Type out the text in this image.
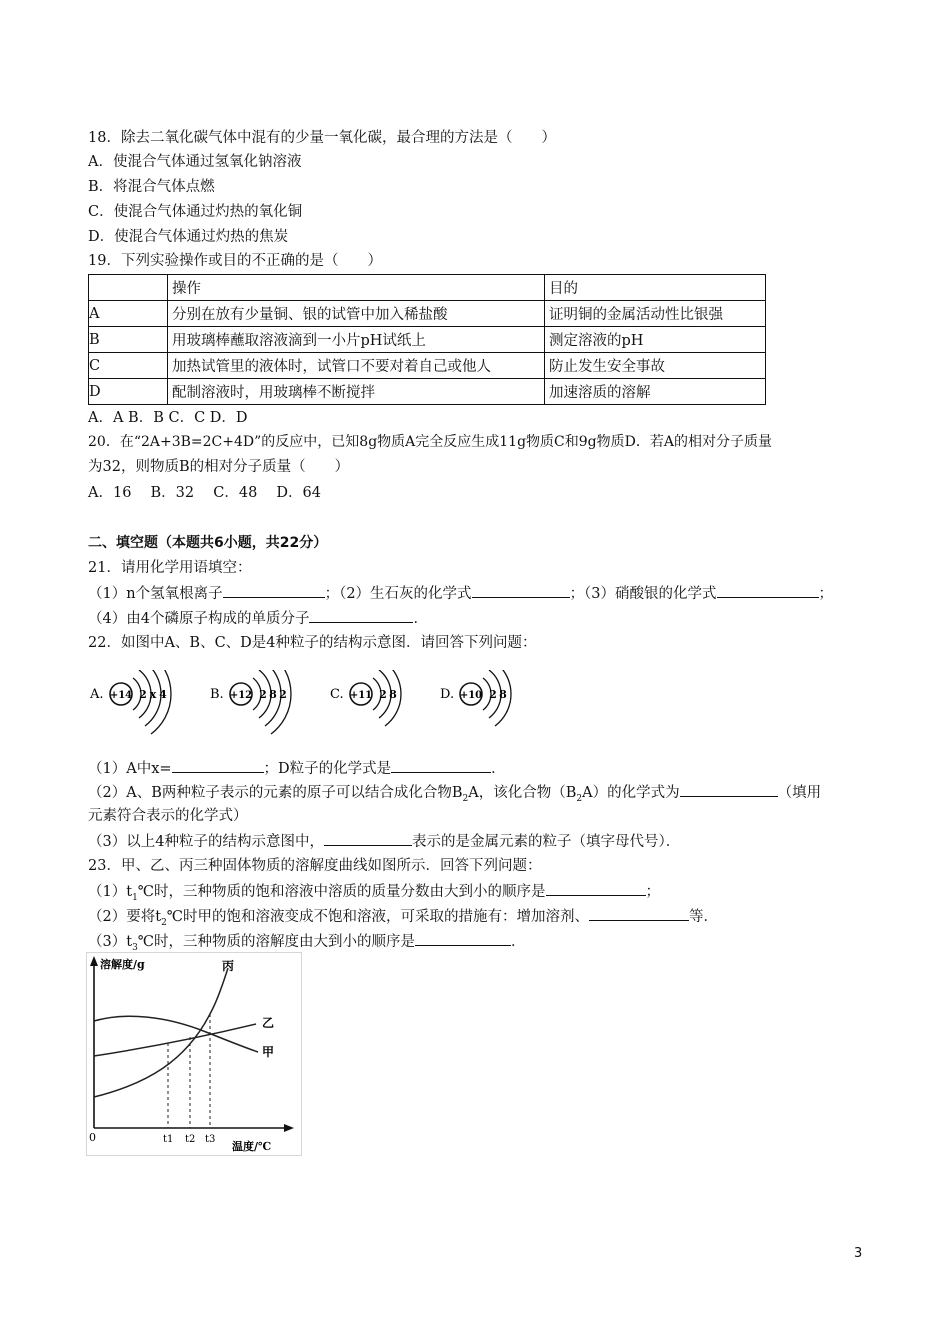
18．除去二氧化碳气体中混有的少量一氧化碳，最合理的方法是（　　）
A．使混合气体通过氢氧化钠溶液
B．将混合气体点燃
C．使混合气体通过灼热的氧化铜
D．使混合气体通过灼热的焦炭
19．下列实验操作或目的不正确的是（　　）
	操作	目的
A	分别在放有少量铜、银的试管中加入稀盐酸	证明铜的金属活动性比银强
B	用玻璃棒蘸取溶液滴到一小片pH试纸上	测定溶液的pH
C	加热试管里的液体时，试管口不要对着自己或他人	防止发生安全事故
D	配制溶液时，用玻璃棒不断搅拌	加速溶质的溶解
A．A B．B C．C D．D
20．在“2A+3B=2C+4D”的反应中，已知8g物质A完全反应生成11g物质C和9g物质D．若A的相对分子质量
为32，则物质B的相对分子质量（　　）
A．16　 B．32　 C．48　 D．64
二、填空题（本题共6小题，共22分）
21．请用化学用语填空：
（1）n个氢氧根离子	；（2）生石灰的化学式	；（3）硝酸银的化学式	；
（4）由4个磷原子构成的单质分子	．
22．如图中A、B、C、D是4种粒子的结构示意图．请回答下列问题：
A. +14 2 x 4	B. +12 2 8 2	C. +11 2 8	D. +10 2 8
（1）A中x=	；D粒子的化学式是	．
（2）A、B两种粒子表示的元素的原子可以结合成化合物$B_2A$，该化合物$(B_2A)$的化学式为	（填用
元素符合表示的化学式）
（3）以上4种粒子的结构示意图中，	表示的是金属元素的粒子（填字母代号）．
23．甲、乙、丙三种固体物质的溶解度曲线如图所示．回答下列问题：
$(1)t_1℃$时，三种物质的饱和溶液中溶质的质量分数由大到小的顺序是	；
（2）要将$t_2℃$时甲的饱和溶液变成不饱和溶液，可采取的措施有：增加溶剂、	等．
$(3)t_3℃$时，三种物质的溶解度由大到小的顺序是	．
溶解度/g
温度/℃
0
丙
乙
甲
t1 t2 t3
3
